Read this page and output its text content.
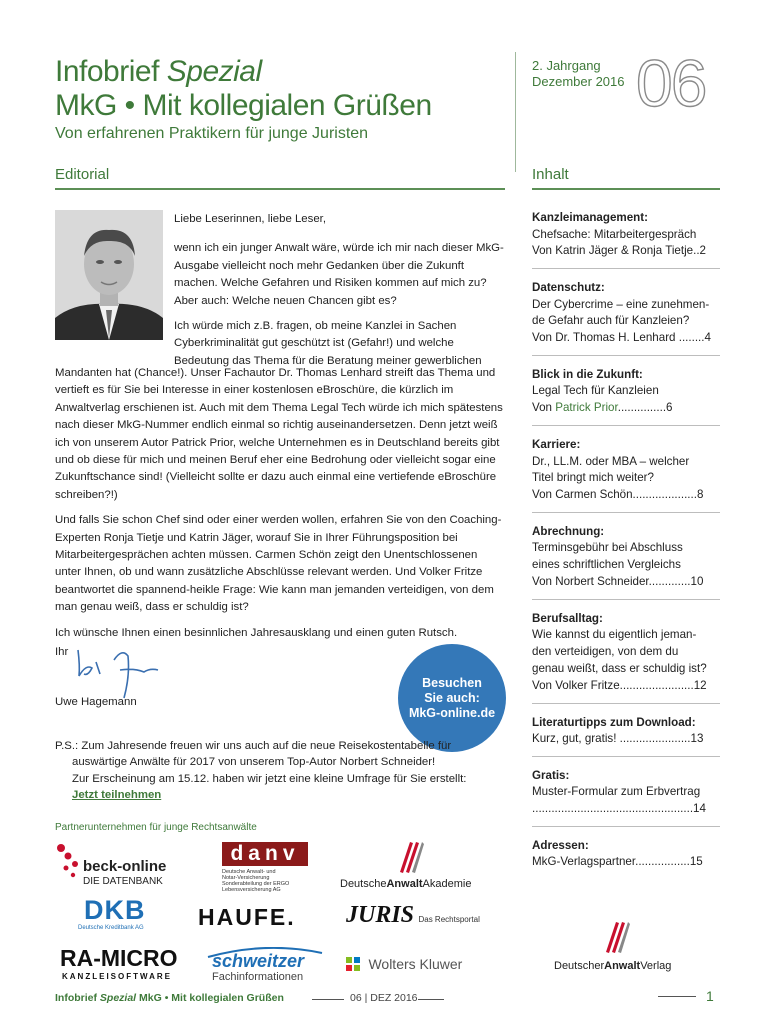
Infobrief Spezial
MkG • Mit kollegialen Grüßen
Von erfahrenen Praktikern für junge Juristen
2. Jahrgang
Dezember 2016 06
Editorial	Inhalt

Liebe Leserinnen, liebe Leser,

wenn ich ein junger Anwalt wäre, würde ich mir nach dieser MkG-Ausgabe vielleicht noch mehr Gedanken über die Zukunft machen. Welche Gefahren und Risiken kommen auf mich zu? Aber auch: Welche neuen Chancen gibt es?

Ich würde mich z.B. fragen, ob meine Kanzlei in Sachen Cyberkriminalität gut geschützt ist (Gefahr!) und welche Bedeutung das Thema für die Beratung meiner gewerblichen

Mandanten hat (Chance!). Unser Fachautor Dr. Thomas Lenhard streift das Thema und vertieft es für Sie bei Interesse in einer kostenlosen eBroschüre, die kürzlich im Anwaltverlag erschienen ist. Auch mit dem Thema Legal Tech würde ich mich spätestens nach dieser MkG-Nummer endlich einmal so richtig auseinandersetzen. Denn jetzt weiß ich von unserem Autor Patrick Prior, welche Unternehmen es in Deutschland bereits gibt und ob diese für mich und meinen Beruf eher eine Bedrohung oder vielleicht sogar eine Zukunftschance sind! (Vielleicht sollte er dazu auch einmal eine vertiefende eBroschüre schreiben?!)

Und falls Sie schon Chef sind oder einer werden wollen, erfahren Sie von den Coaching-Experten Ronja Tietje und Katrin Jäger, worauf Sie in Ihrer Führungsposition bei Mitarbeitergesprächen achten müssen. Carmen Schön zeigt den Unentschlossenen unter Ihnen, ob und wann zusätzliche Abschlüsse relevant werden. Und Volker Fritze beantwortet die spannend-heikle Frage: Wie kann man jemanden verteidigen, von dem man genau weiß, dass er schuldig ist?

Ich wünsche Ihnen einen besinnlichen Jahresausklang und einen guten Rutsch.

Ihr
Uwe Hagemann
Besuchen
Sie auch:
MkG-online.de
P.S.: Zum Jahresende freuen wir uns auch auf die neue Reisekostentabelle für
auswärtige Anwälte für 2017 von unserem Top-Autor Norbert Schneider!
Zur Erscheinung am 15.12. haben wir jetzt eine kleine Umfrage für Sie erstellt:
Jetzt teilnehmen
Partnerunternehmen für junge Rechtsanwälte
beck-online
DIE DATENBANK
danv
Deutsche Anwalt- und
Notar-Versicherung
Sonderabteilung der ERGO
Lebensversicherung AG	DeutscheAnwaltAkademie
DKB
Deutsche Kreditbank AG HAUFE. JURIS Das Rechtsportal
RA-MICRO
KANZLEISOFTWARE
schweitzer
Fachinformationen
Wolters Kluwer
Kanzleimanagement:
Chefsache: Mitarbeitergespräch
Von Katrin Jäger & Ronja Tietje..2
Datenschutz:
Der Cybercrime – eine zunehmen-
de Gefahr auch für Kanzleien?
Von Dr. Thomas H. Lenhard ........4
Blick in die Zukunft:
Legal Tech für Kanzleien
Von Patrick Prior...............6
Karriere:
Dr., LL.M. oder MBA – welcher
Titel bringt mich weiter?
Von Carmen Schön....................8
Abrechnung:
Terminsgebühr bei Abschluss
eines schriftlichen Vergleichs
Von Norbert Schneider.............10
Berufsalltag:
Wie kannst du eigentlich jeman-
den verteidigen, von dem du
genau weißt, dass er schuldig ist?
Von Volker Fritze.......................12
Literaturtipps zum Download:
Kurz, gut, gratis! ......................13
Gratis:
Muster-Formular zum Erbvertrag
..................................................14
Adressen:
MkG-Verlagspartner.................15
DeutscherAnwaltVerlag
Infobrief Spezial MkG • Mit kollegialen Grüßen	06 | DEZ 2016	1
